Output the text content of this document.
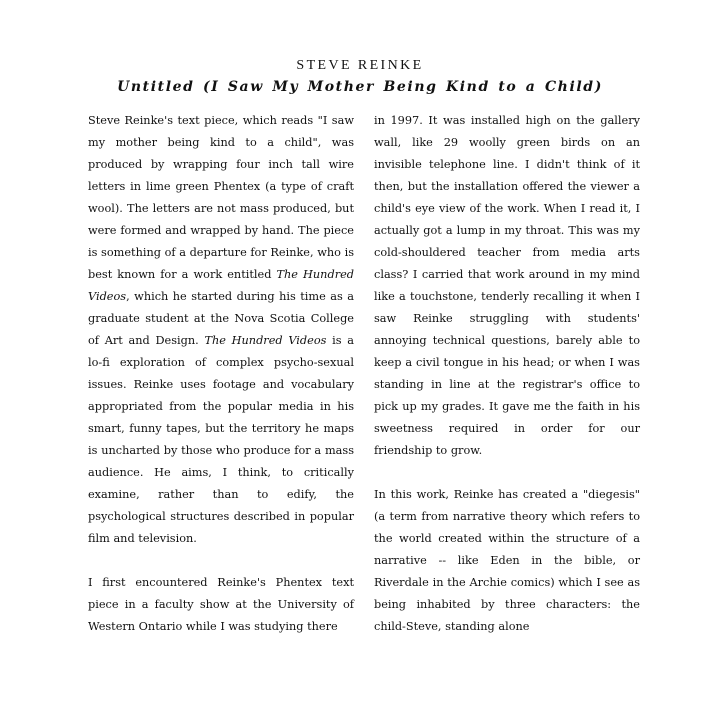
STEVE REINKE
Untitled (I Saw My Mother Being Kind to a Child)

Steve Reinke's text piece, which reads "I saw my mother being kind to a child", was produced by wrapping four inch tall wire letters in lime green Phentex (a type of craft wool). The letters are not mass produced, but were formed and wrapped by hand. The piece is something of a departure for Reinke, who is best known for a work entitled The Hundred Videos, which he started during his time as a graduate student at the Nova Scotia College of Art and Design. The Hundred Videos is a lo-fi exploration of complex psycho-sexual issues. Reinke uses footage and vocabulary appropriated from the popular media in his smart, funny tapes, but the territory he maps is uncharted by those who produce for a mass audience. He aims, I think, to critically examine, rather than to edify, the psychological structures described in popular film and television.

I first encountered Reinke's Phentex text piece in a faculty show at the University of Western Ontario while I was studying there

in 1997. It was installed high on the gallery wall, like 29 woolly green birds on an invisible telephone line. I didn't think of it then, but the installation offered the viewer a child's eye view of the work. When I read it, I actually got a lump in my throat. This was my cold-shouldered teacher from media arts class? I carried that work around in my mind like a touchstone, tenderly recalling it when I saw Reinke struggling with students' annoying technical questions, barely able to keep a civil tongue in his head; or when I was standing in line at the registrar's office to pick up my grades. It gave me the faith in his sweetness required in order for our friendship to grow.

In this work, Reinke has created a "diegesis" (a term from narrative theory which refers to the world created within the structure of a narrative -- like Eden in the bible, or Riverdale in the Archie comics) which I see as being inhabited by three characters: the child-Steve, standing alone
